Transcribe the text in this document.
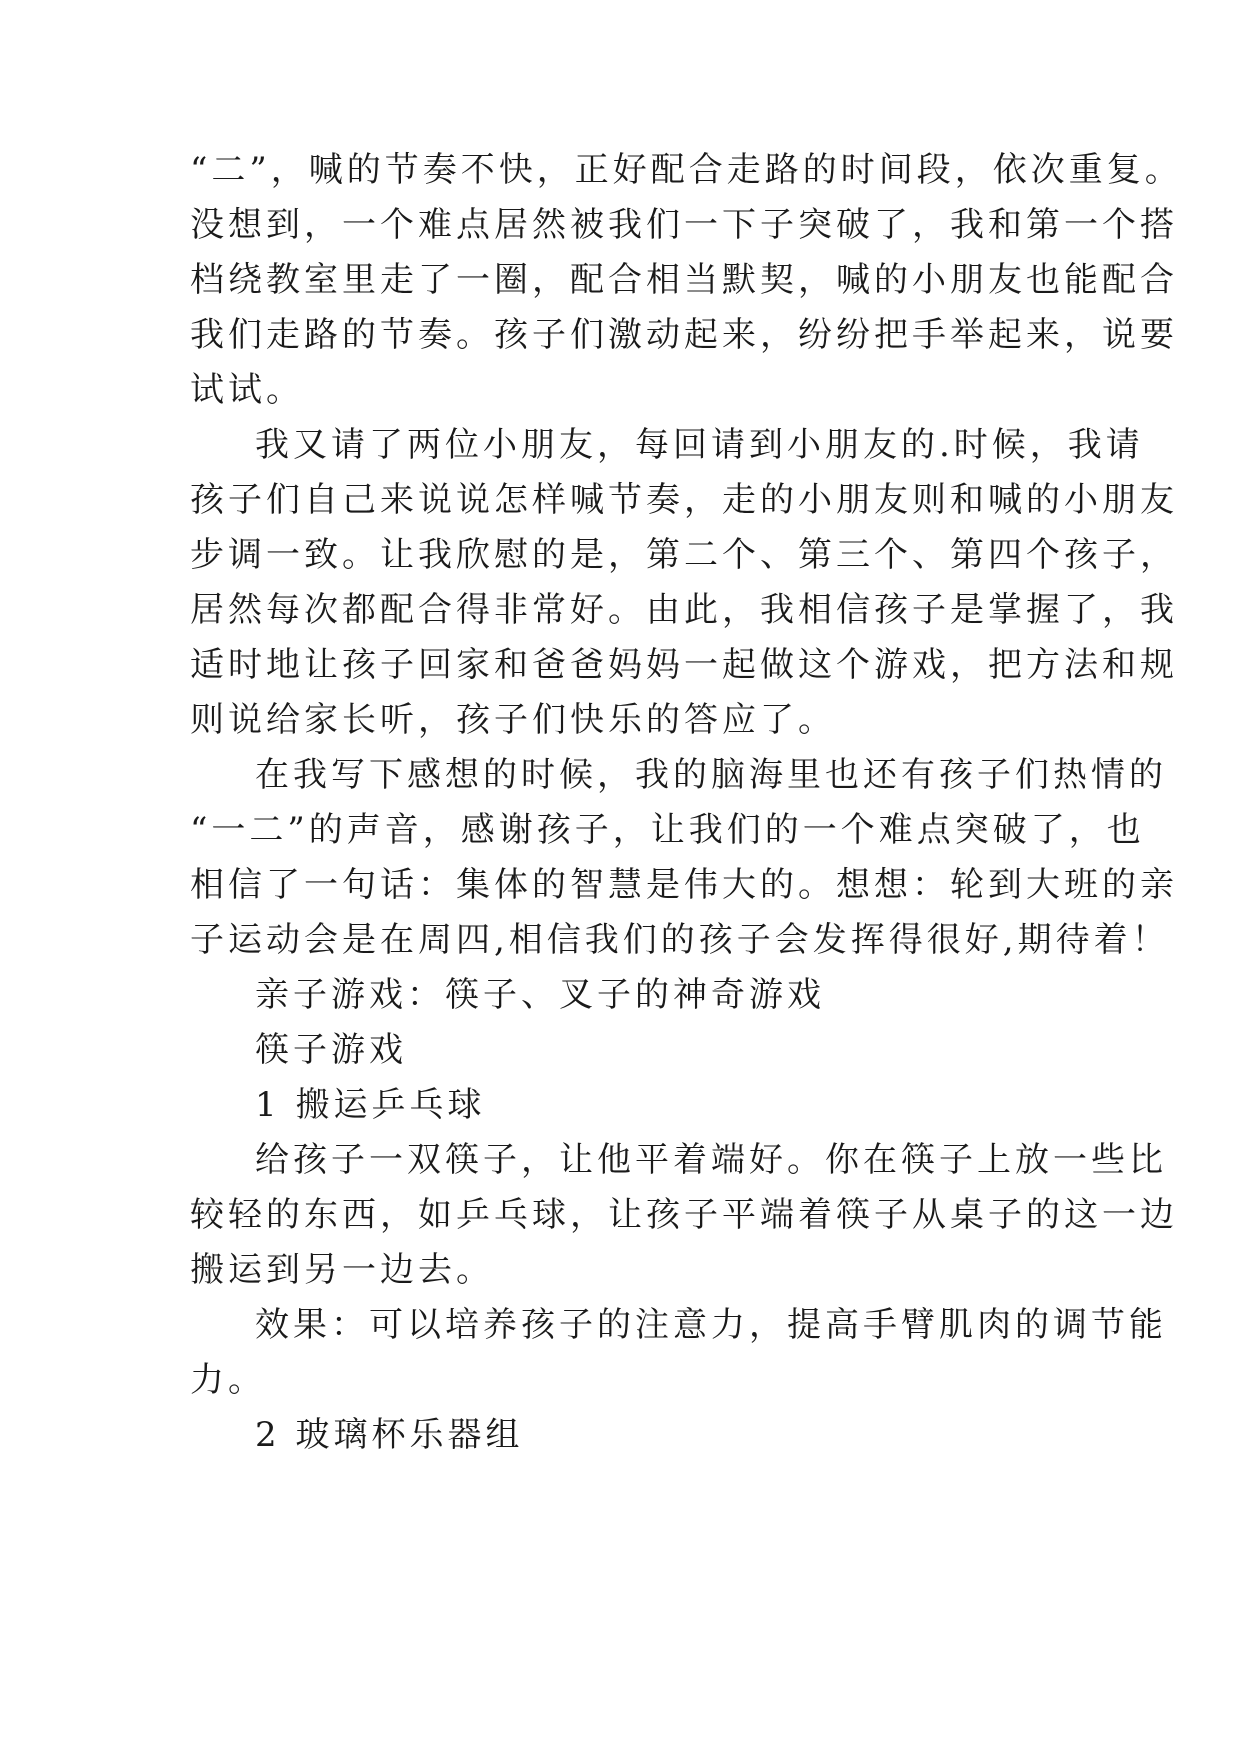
“二”，喊的节奏不快，正好配合走路的时间段，依次重复。
没想到，一个难点居然被我们一下子突破了，我和第一个搭
档绕教室里走了一圈，配合相当默契，喊的小朋友也能配合
我们走路的节奏。孩子们激动起来，纷纷把手举起来，说要
试试。
我又请了两位小朋友，每回请到小朋友的.时候，我请
孩子们自己来说说怎样喊节奏，走的小朋友则和喊的小朋友
步调一致。让我欣慰的是，第二个、第三个、第四个孩子，
居然每次都配合得非常好。由此，我相信孩子是掌握了，我
适时地让孩子回家和爸爸妈妈一起做这个游戏，把方法和规
则说给家长听，孩子们快乐的答应了。
在我写下感想的时候，我的脑海里也还有孩子们热情的
“一二”的声音，感谢孩子，让我们的一个难点突破了，也
相信了一句话：集体的智慧是伟大的。想想：轮到大班的亲
子运动会是在周四,相信我们的孩子会发挥得很好,期待着！
亲子游戏：筷子、叉子的神奇游戏
筷子游戏
1 搬运乒乓球
给孩子一双筷子，让他平着端好。你在筷子上放一些比
较轻的东西，如乒乓球，让孩子平端着筷子从桌子的这一边
搬运到另一边去。
效果：可以培养孩子的注意力，提高手臂肌肉的调节能
力。
2 玻璃杯乐器组
